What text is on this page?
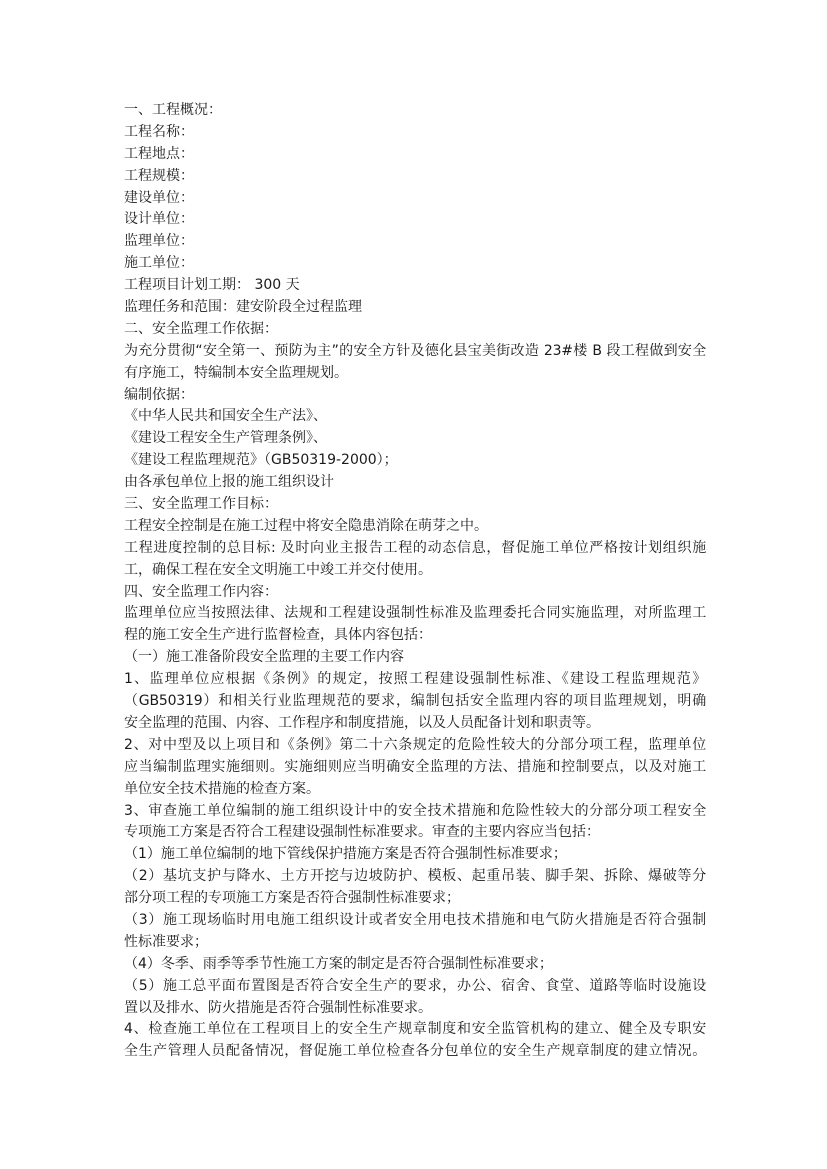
一、工程概况：
工程名称：
工程地点：
工程规模：
建设单位：
设计单位：
监理单位：
施工单位：
工程项目计划工期： 300 天
监理任务和范围：建安阶段全过程监理
二、安全监理工作依据：
为充分贯彻“安全第一、预防为主”的安全方针及德化县宝美街改造 23#楼 B 段工程做到安全
有序施工，特编制本安全监理规划。
编制依据：
《中华人民共和国安全生产法》、
《建设工程安全生产管理条例》、
《建设工程监理规范》（GB50319-2000）；
由各承包单位上报的施工组织设计
三、安全监理工作目标：
工程安全控制是在施工过程中将安全隐患消除在萌芽之中。
工程进度控制的总目标: 及时向业主报告工程的动态信息，督促施工单位严格按计划组织施
工，确保工程在安全文明施工中竣工并交付使用。
四、安全监理工作内容：
监理单位应当按照法律、法规和工程建设强制性标准及监理委托合同实施监理，对所监理工
程的施工安全生产进行监督检查，具体内容包括：
（一）施工准备阶段安全监理的主要工作内容
1、监理单位应根据《条例》的规定，按照工程建设强制性标准、《建设工程监理规范》
（GB50319）和相关行业监理规范的要求，编制包括安全监理内容的项目监理规划，明确
安全监理的范围、内容、工作程序和制度措施，以及人员配备计划和职责等。
2、对中型及以上项目和《条例》第二十六条规定的危险性较大的分部分项工程，监理单位
应当编制监理实施细则。实施细则应当明确安全监理的方法、措施和控制要点，以及对施工
单位安全技术措施的检查方案。
3、审查施工单位编制的施工组织设计中的安全技术措施和危险性较大的分部分项工程安全
专项施工方案是否符合工程建设强制性标准要求。审查的主要内容应当包括：
（1）施工单位编制的地下管线保护措施方案是否符合强制性标准要求；
（2）基坑支护与降水、土方开挖与边坡防护、模板、起重吊装、脚手架、拆除、爆破等分
部分项工程的专项施工方案是否符合强制性标准要求；
（3）施工现场临时用电施工组织设计或者安全用电技术措施和电气防火措施是否符合强制
性标准要求；
（4）冬季、雨季等季节性施工方案的制定是否符合强制性标准要求；
（5）施工总平面布置图是否符合安全生产的要求，办公、宿舍、食堂、道路等临时设施设
置以及排水、防火措施是否符合强制性标准要求。
4、检查施工单位在工程项目上的安全生产规章制度和安全监管机构的建立、健全及专职安
全生产管理人员配备情况，督促施工单位检查各分包单位的安全生产规章制度的建立情况。
